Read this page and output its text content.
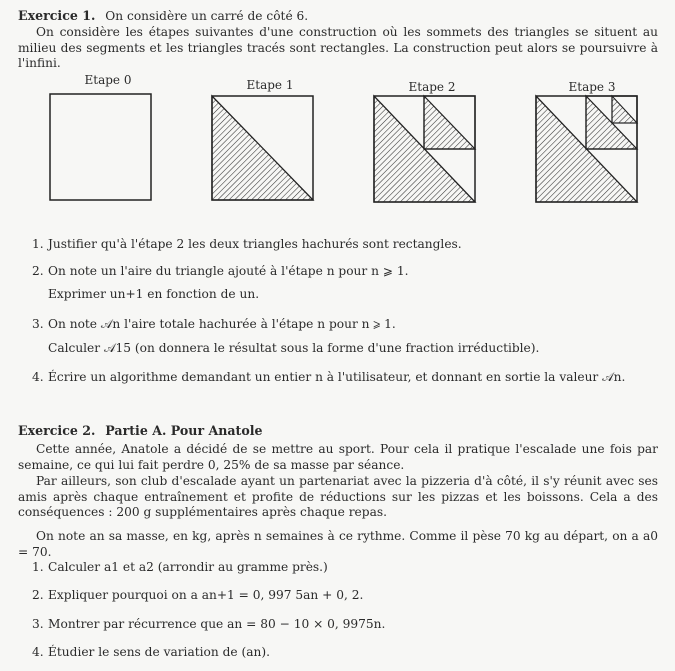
Exercice 1. On considère un carré de côté 6.
On considère les étapes suivantes d'une construction où les sommets des triangles se situent au milieu des segments et les triangles tracés sont rectangles. La construction peut alors se poursuivre à l'infini.
Etape 0	Etape 1	Etape 2	Etape 3
1. Justifier qu'à l'étape 2 les deux triangles hachurés sont rectangles.
2. On note un l'aire du triangle ajouté à l'étape n pour n ⩾ 1.
Exprimer un+1 en fonction de un.
3. On note 𝒜n l'aire totale hachurée à l'étape n pour n ⩾ 1.
Calculer 𝒜15 (on donnera le résultat sous la forme d'une fraction irréductible).
4. Écrire un algorithme demandant un entier n à l'utilisateur, et donnant en sortie la valeur 𝒜n.
Exercice 2. Partie A. Pour Anatole
Cette année, Anatole a décidé de se mettre au sport. Pour cela il pratique l'escalade une fois par semaine, ce qui lui fait perdre 0, 25% de sa masse par séance.
Par ailleurs, son club d'escalade ayant un partenariat avec la pizzeria d'à côté, il s'y réunit avec ses amis après chaque entraînement et profite de réductions sur les pizzas et les boissons. Cela a des conséquences : 200 g supplémentaires après chaque repas.
On note an sa masse, en kg, après n semaines à ce rythme. Comme il pèse 70 kg au départ, on a a0 = 70.
1. Calculer a1 et a2 (arrondir au gramme près.)
2. Expliquer pourquoi on a an+1 = 0, 997 5an + 0, 2.
3. Montrer par récurrence que an = 80 − 10 × 0, 9975n.
4. Étudier le sens de variation de (an).
